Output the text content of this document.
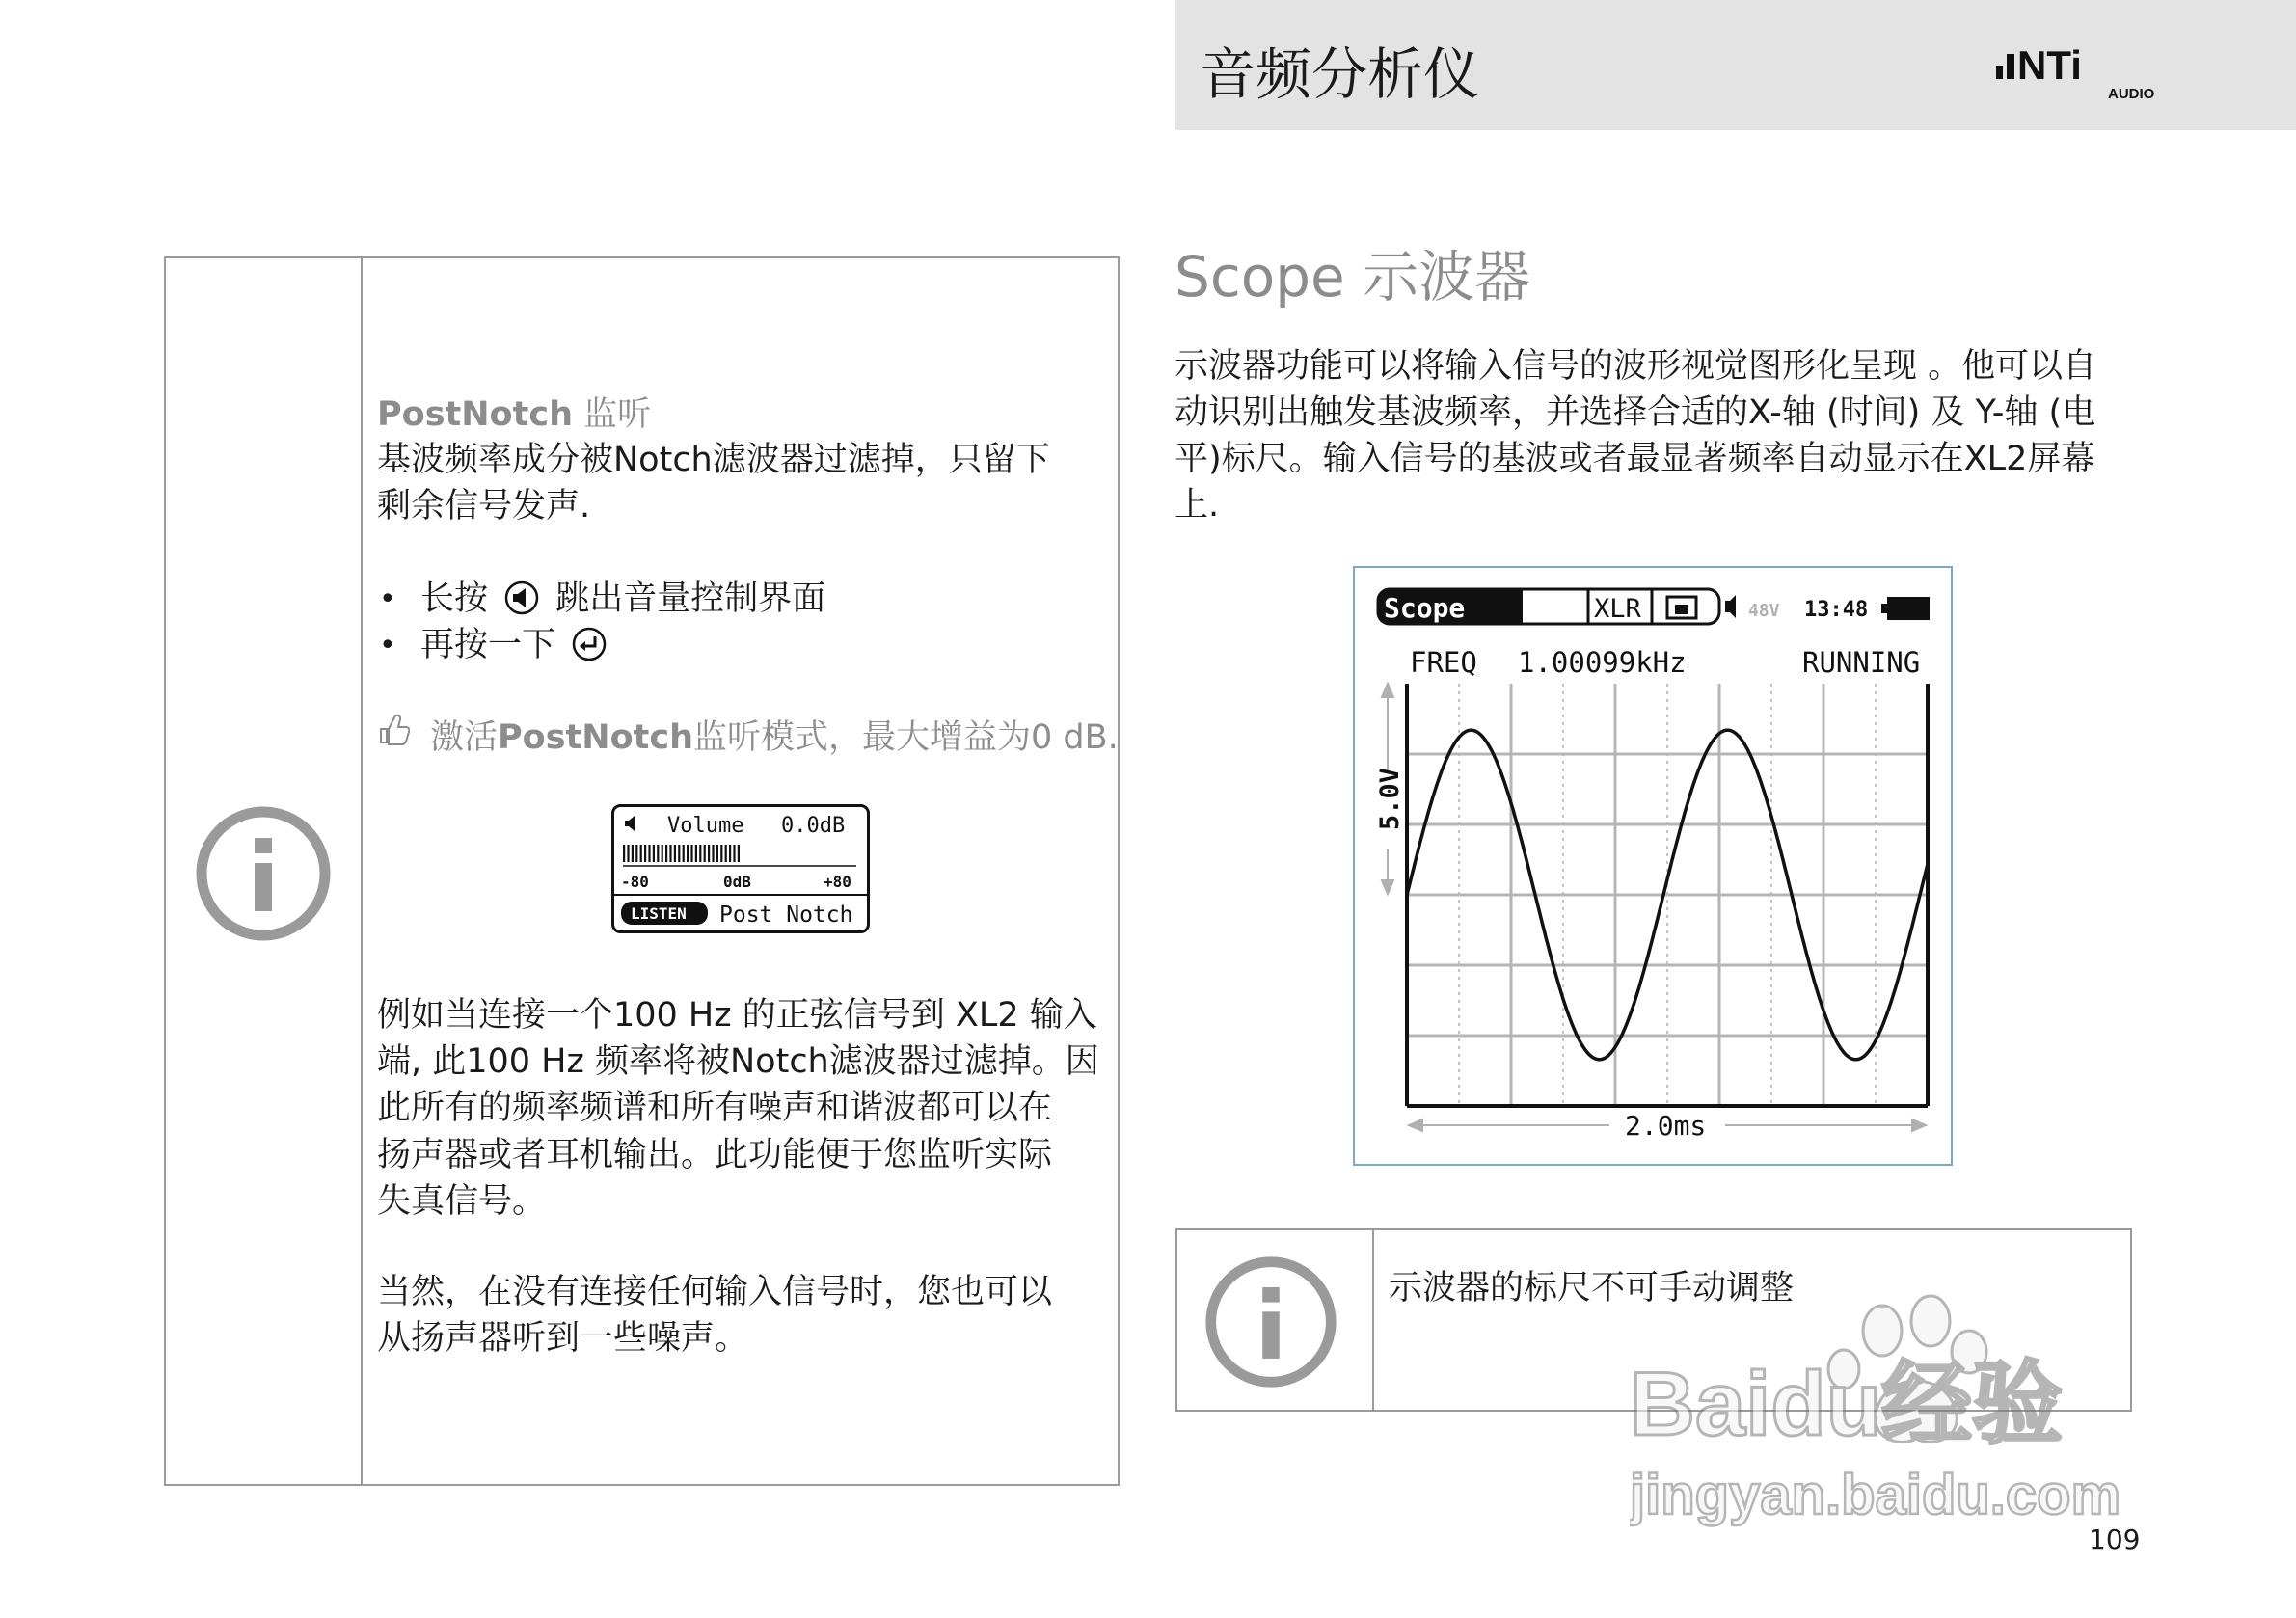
音频分析仪	NTi
AUDIO
PostNotch 监听
基波频率成分被Notch滤波器过滤掉，只留下
剩余信号发声.
• 长按 跳出音量控制界面
• 再按一下
激活PostNotch监听模式，最大增益为0 dB.
Volume 0.0dB
-80	0dB	+80
LISTEN Post Notch
例如当连接一个100 Hz 的正弦信号到 XL2 输入
端, 此100 Hz 频率将被Notch滤波器过滤掉。因
此所有的频率频谱和所有噪声和谐波都可以在
扬声器或者耳机输出。此功能便于您监听实际
失真信号。
当然，在没有连接任何输入信号时，您也可以
从扬声器听到一些噪声。
Scope 示波器
示波器功能可以将输入信号的波形视觉图形化呈现 。他可以自
动识别出触发基波频率，并选择合适的X-轴 (时间) 及 Y-轴 (电
平)标尺。输入信号的基波或者最显著频率自动显示在XL2屏幕
上.
Scope	XLR	48V 13:48
FREQ 1.00099kHz	RUNNING
5.0V
2.0ms
示波器的标尺不可手动调整
Baidu经验
jingyan.baidu.com
109
